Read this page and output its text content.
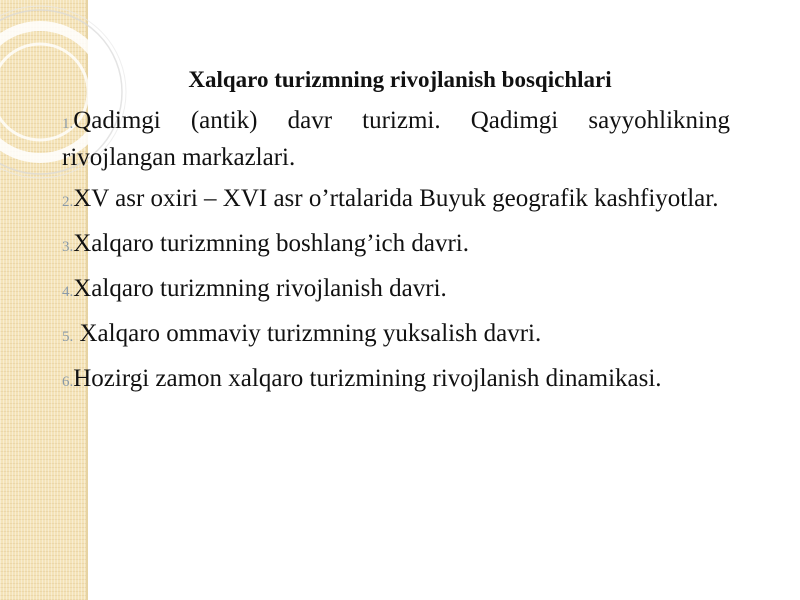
Xalqaro turizmning rivojlanish bosqichlari
1.Qadimgi (antik) davr turizmi. Qadimgi sayyohlikning rivojlangan markazlari.
2.XV asr oxiri – XVI asr o’rtalarida Buyuk geografik kashfiyotlar.
3.Xalqaro turizmning boshlang’ich davri.
4.Xalqaro turizmning rivojlanish davri.
5. Xalqaro ommaviy turizmning yuksalish davri.
6.Hozirgi zamon xalqaro turizmining rivojlanish dinamikasi.
